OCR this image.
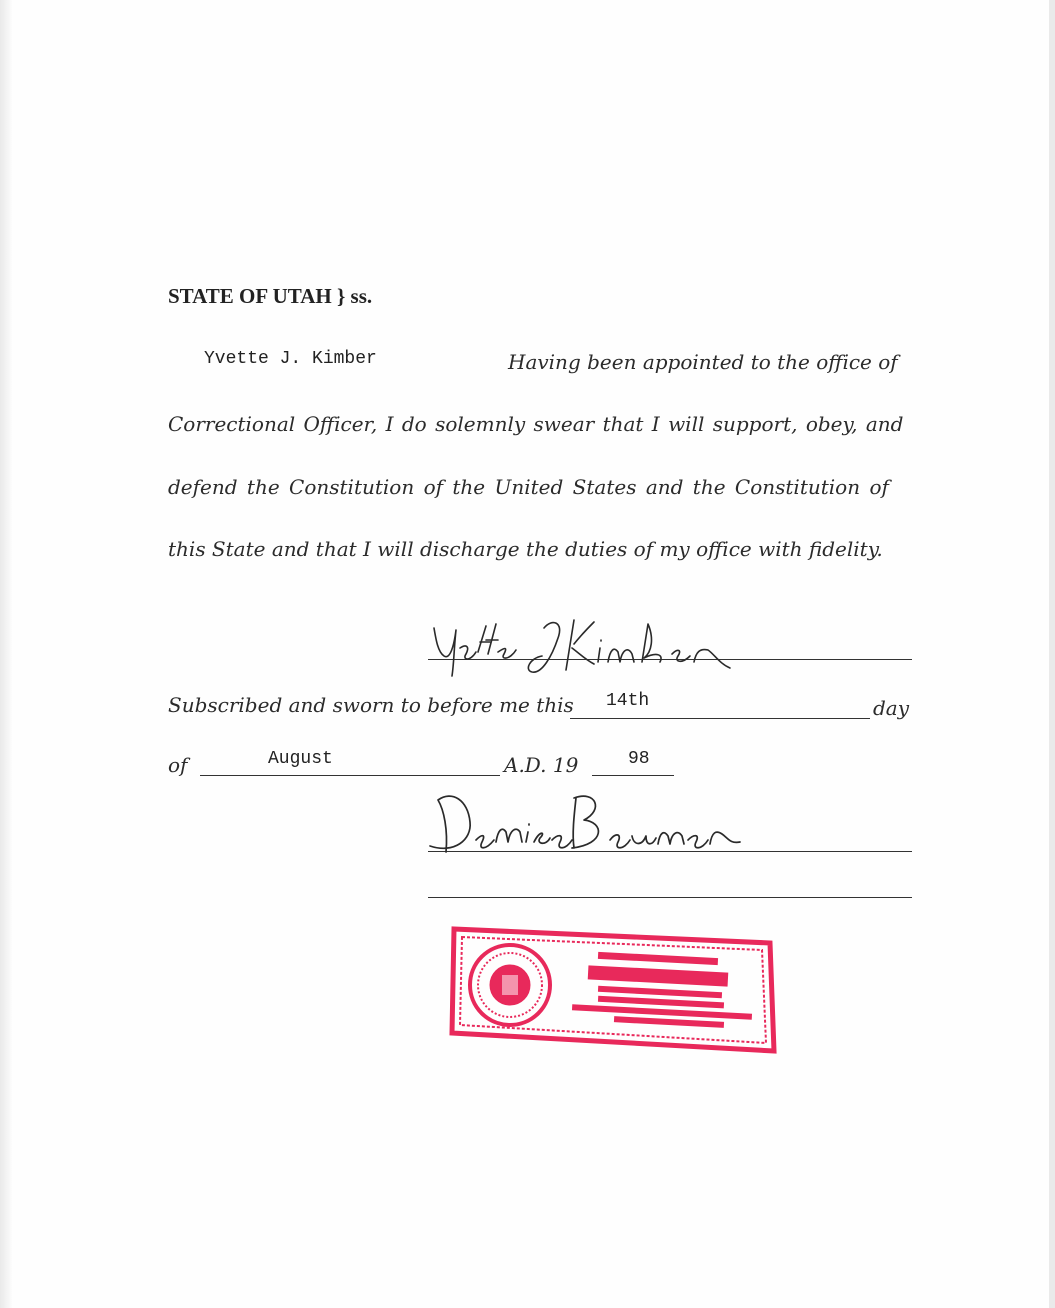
STATE OF UTAH } ss.
Yvette J. Kimber	Having been appointed to the office of
Correctional Officer, I do solemnly swear that I will support, obey, and
defend the Constitution of the United States and the Constitution of
this State and that I will discharge the duties of my office with fidelity.
Subscribed and sworn to before me this 14th	day
of	August	A.D. 19	98
